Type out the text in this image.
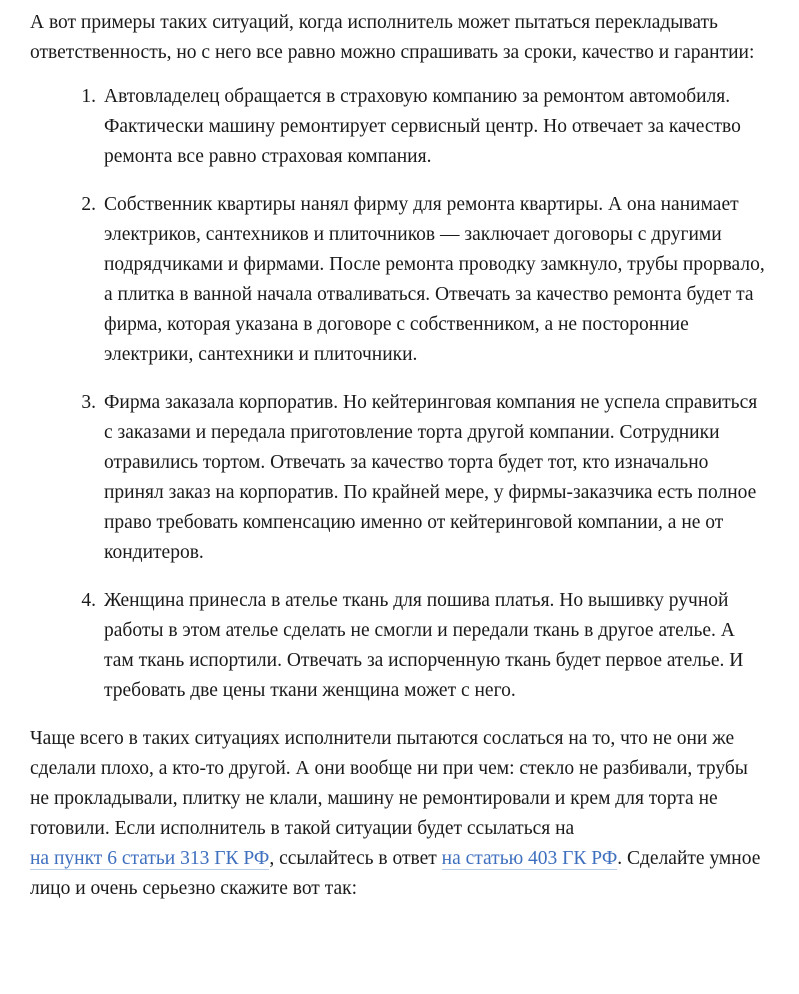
А вот примеры таких ситуаций, когда исполнитель может пытаться перекладывать ответственность, но с него все равно можно спрашивать за сроки, качество и гарантии:

Автовладелец обращается в страховую компанию за ремонтом автомобиля. Фактически машину ремонтирует сервисный центр. Но отвечает за качество ремонта все равно страховая компания.
Собственник квартиры нанял фирму для ремонта квартиры. А она нанимает электриков, сантехников и плиточников — заключает договоры с другими подрядчиками и фирмами. После ремонта проводку замкнуло, трубы прорвало, а плитка в ванной начала отваливаться. Отвечать за качество ремонта будет та фирма, которая указана в договоре с собственником, а не посторонние электрики, сантехники и плиточники.
Фирма заказала корпоратив. Но кейтеринговая компания не успела справиться с заказами и передала приготовление торта другой компании. Сотрудники отравились тортом. Отвечать за качество торта будет тот, кто изначально принял заказ на корпоратив. По крайней мере, у фирмы-заказчика есть полное право требовать компенсацию именно от кейтеринговой компании, а не от кондитеров.
Женщина принесла в ателье ткань для пошива платья. Но вышивку ручной работы в этом ателье сделать не смогли и передали ткань в другое ателье. А там ткань испортили. Отвечать за испорченную ткань будет первое ателье. И требовать две цены ткани женщина может с него.

Чаще всего в таких ситуациях исполнители пытаются сослаться на то, что не они же сделали плохо, а кто-то другой. А они вообще ни при чем: стекло не разбивали, трубы не прокладывали, плитку не клали, машину не ремонтировали и крем для торта не готовили. Если исполнитель в такой ситуации будет ссылаться на на пункт 6 статьи 313 ГК РФ, ссылайтесь в ответ на статью 403 ГК РФ. Сделайте умное лицо и очень серьезно скажите вот так:
